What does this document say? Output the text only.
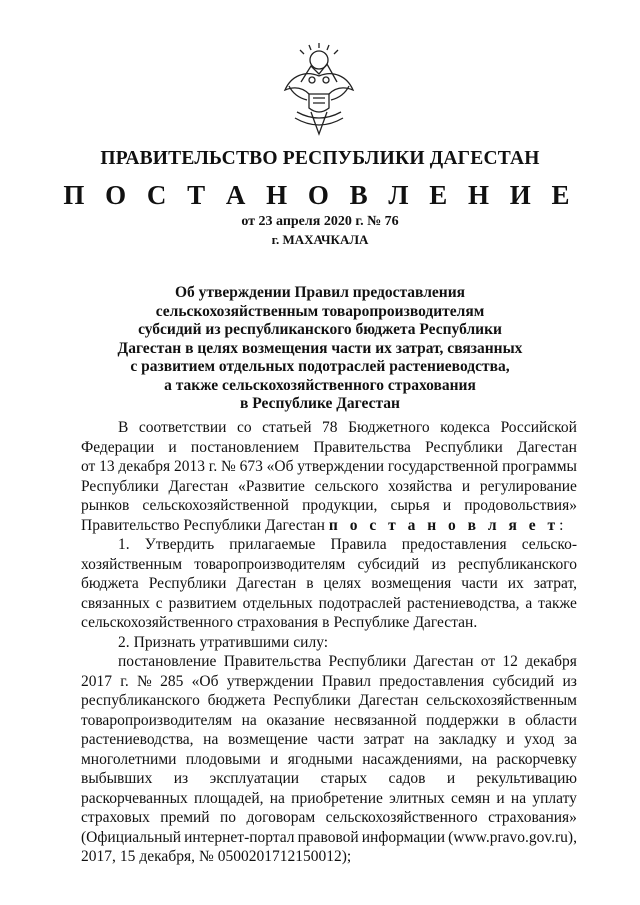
ПРАВИТЕЛЬСТВО РЕСПУБЛИКИ ДАГЕСТАН
П О С Т А Н О В Л Е Н И Е
от 23 апреля 2020 г. № 76
г. МАХАЧКАЛА
Об утверждении Правил предоставления
сельскохозяйственным товаропроизводителям
субсидий из республиканского бюджета Республики
Дагестан в целях возмещения части их затрат, связанных
с развитием отдельных подотраслей растениеводства,
а также сельскохозяйственного страхования
в Республике Дагестан
В соответствии со статьей 78 Бюджетного кодекса Российской
Федерации и постановлением Правительства Республики Дагестан
от 13 декабря 2013 г. № 673 «Об утверждении государственной программы
Республики Дагестан «Развитие сельского хозяйства и регулирование
рынков сельскохозяйственной продукции, сырья и продовольствия»
Правительство Республики Дагестан п о с т а н о в л я е т:
1. Утвердить прилагаемые Правила предоставления сельско-
хозяйственным товаропроизводителям субсидий из республиканского
бюджета Республики Дагестан в целях возмещения части их затрат,
связанных с развитием отдельных подотраслей растениеводства, а также
сельскохозяйственного страхования в Республике Дагестан.
2. Признать утратившими силу:
постановление Правительства Республики Дагестан от 12 декабря
2017 г. № 285 «Об утверждении Правил предоставления субсидий из
республиканского бюджета Республики Дагестан сельскохозяйственным
товаропроизводителям на оказание несвязанной поддержки в области
растениеводства, на возмещение части затрат на закладку и уход за
многолетними плодовыми и ягодными насаждениями, на раскорчевку
выбывших из эксплуатации старых садов и рекультивацию
раскорчеванных площадей, на приобретение элитных семян и на уплату
страховых премий по договорам сельскохозяйственного страхования»
(Официальный интернет-портал правовой информации (www.pravo.gov.ru),
2017, 15 декабря, № 0500201712150012);
